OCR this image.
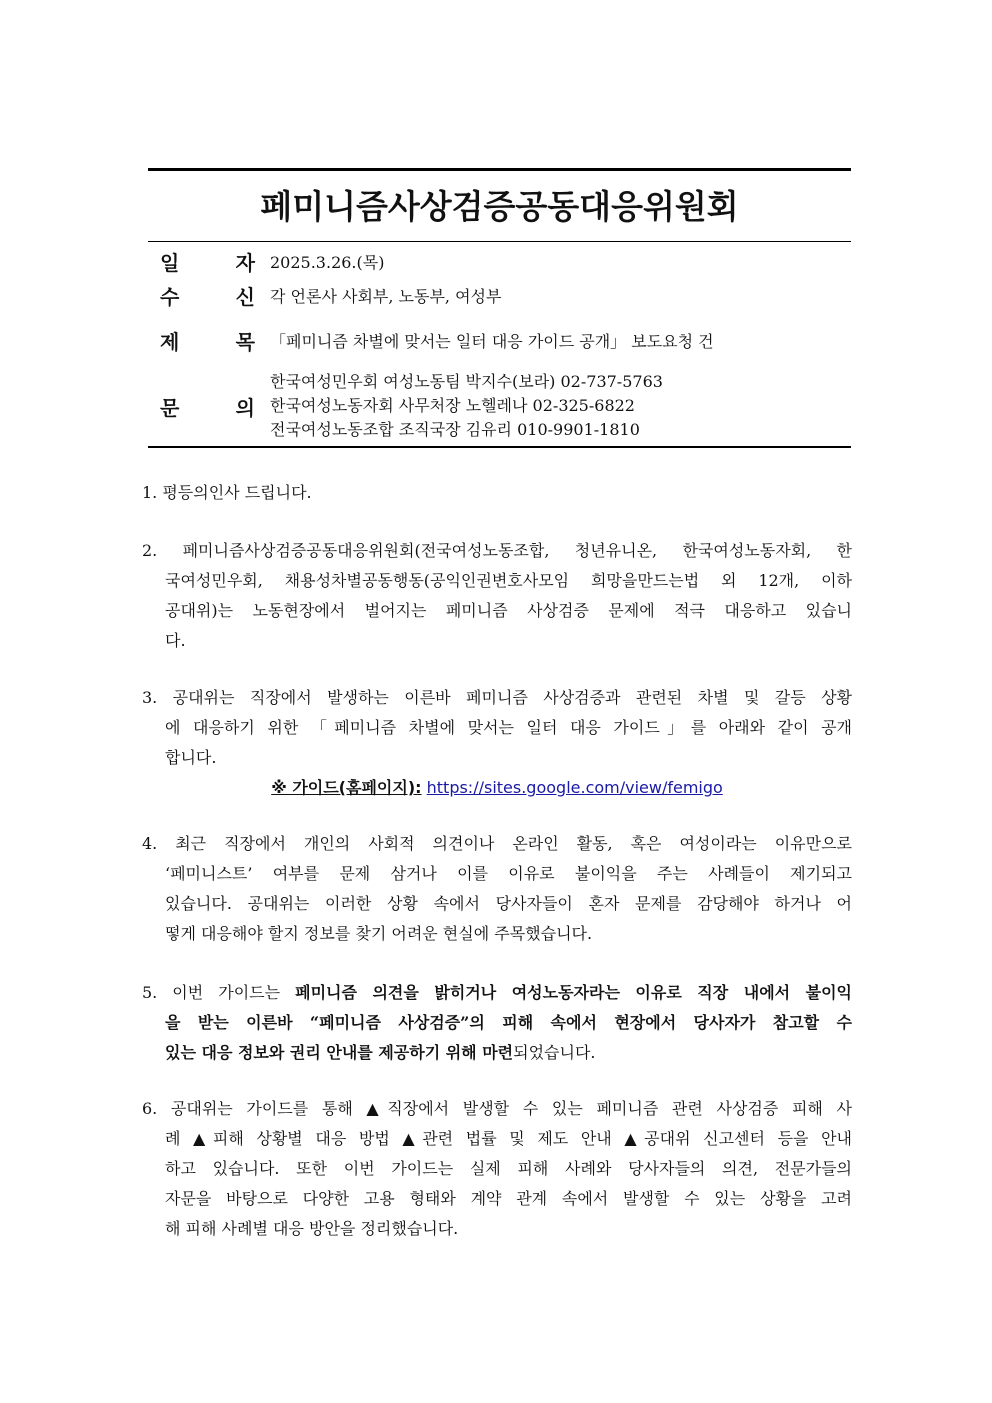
페미니즘사상검증공동대응위원회
일	자 2025.3.26.(목)
수	신 각 언론사 사회부, 노동부, 여성부
제	목 「페미니즘 차별에 맞서는 일터 대응 가이드 공개」 보도요청 건
문	의
한국여성민우회 여성노동팀 박지수(보라) 02-737-5763
한국여성노동자회 사무처장 노헬레나 02-325-6822
전국여성노동조합 조직국장 김유리 010-9901-1810
1. 평등의인사 드립니다.
2. 페미니즘사상검증공동대응위원회(전국여성노동조합, 청년유니온, 한국여성노동자회, 한
국여성민우회, 채용성차별공동행동(공익인권변호사모임 희망을만드는법 외 12개, 이하
공대위)는 노동현장에서 벌어지는 페미니즘 사상검증 문제에 적극 대응하고 있습니
다.
3. 공대위는 직장에서 발생하는 이른바 페미니즘 사상검증과 관련된 차별 및 갈등 상황
에 대응하기 위한 「페미니즘 차별에 맞서는 일터 대응 가이드」를 아래와 같이 공개
합니다.
※ 가이드(홈페이지): https://sites.google.com/view/femigo
4. 최근 직장에서 개인의 사회적 의견이나 온라인 활동, 혹은 여성이라는 이유만으로
‘페미니스트’ 여부를 문제 삼거나 이를 이유로 불이익을 주는 사례들이 제기되고
있습니다. 공대위는 이러한 상황 속에서 당사자들이 혼자 문제를 감당해야 하거나 어
떻게 대응해야 할지 정보를 찾기 어려운 현실에 주목했습니다.
5. 이번 가이드는 페미니즘 의견을 밝히거나 여성노동자라는 이유로 직장 내에서 불이익
을 받는 이른바 “페미니즘 사상검증”의 피해 속에서 현장에서 당사자가 참고할 수
있는 대응 정보와 권리 안내를 제공하기 위해 마련되었습니다.
6. 공대위는 가이드를 통해 ▲직장에서 발생할 수 있는 페미니즘 관련 사상검증 피해 사
례 ▲피해 상황별 대응 방법 ▲관련 법률 및 제도 안내 ▲공대위 신고센터 등을 안내
하고 있습니다. 또한 이번 가이드는 실제 피해 사례와 당사자들의 의견, 전문가들의
자문을 바탕으로 다양한 고용 형태와 계약 관계 속에서 발생할 수 있는 상황을 고려
해 피해 사례별 대응 방안을 정리했습니다.
